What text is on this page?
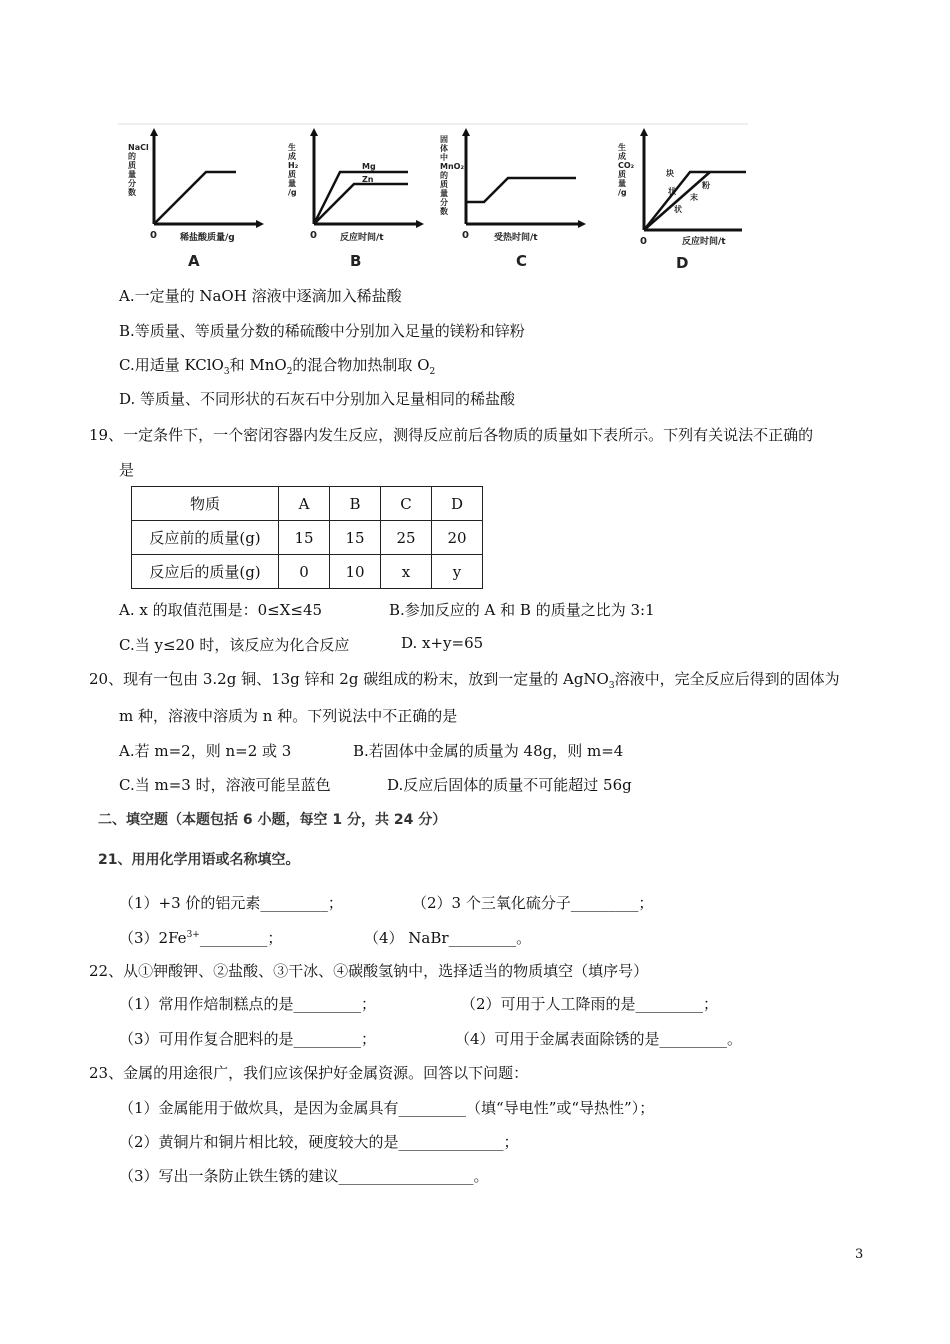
NaCl 的质量分数
0	稀盐酸质量/g
A
Mg
Zn
生成 H₂ 质量/g
0	反应时间/t
B
固体中 MnO₂ 的质量分数
0	受热时间/t
C
块
状
粉
末
状
生成 CO₂ 质量/g
0	反应时间/t
D
A.一定量的 NaOH 溶液中逐滴加入稀盐酸
B.等质量、等质量分数的稀硫酸中分别加入足量的镁粉和锌粉
C.用适量 KClO$_3$和 MnO$_2$的混合物加热制取 $O_2$
D. 等质量、不同形状的石灰石中分别加入足量相同的稀盐酸
19、一定条件下，一个密闭容器内发生反应，测得反应前后各物质的质量如下表所示。下列有关说法不正确的
是
物质	A	B	C	D
反应前的质量(g)	15	15	25	20
反应后的质量(g)	0	10	x	y
A. x 的取值范围是：0≤X≤45	B.参加反应的 A 和 B 的质量之比为 3:1
C.当 y≤20 时，该反应为化合反应	D. x+y=65
20、现有一包由 3.2g 铜、13g 锌和 2g 碳组成的粉末，放到一定量的 AgNO$_3$溶液中，完全反应后得到的固体为
m 种，溶液中溶质为 n 种。下列说法中不正确的是
A.若 m=2，则 n=2 或 3	B.若固体中金属的质量为 48g，则 m=4
C.当 m=3 时，溶液可能呈蓝色	D.反应后固体的质量不可能超过 56g
二、填空题（本题包括 6 小题，每空 1 分，共 24 分）
21、用用化学用语或名称填空。
（1）+3 价的铝元素_________；	（2）3 个三氧化硫分子_________；
$(3)2Fe^{3+}\_\_\_\_\_\_\_\_\_$；	（4） NaBr_________。
22、从①钾酸钾、②盐酸、③干冰、④碳酸氢钠中，选择适当的物质填空（填序号）
（1）常用作焙制糕点的是_________；	（2）可用于人工降雨的是_________；
（3）可用作复合肥料的是_________；	（4）可用于金属表面除锈的是_________。
23、金属的用途很广，我们应该保护好金属资源。回答以下问题：
（1）金属能用于做炊具，是因为金属具有_________（填“导电性”或“导热性”）；
（2）黄铜片和铜片相比较，硬度较大的是______________；
（3）写出一条防止铁生锈的建议__________________。
3
